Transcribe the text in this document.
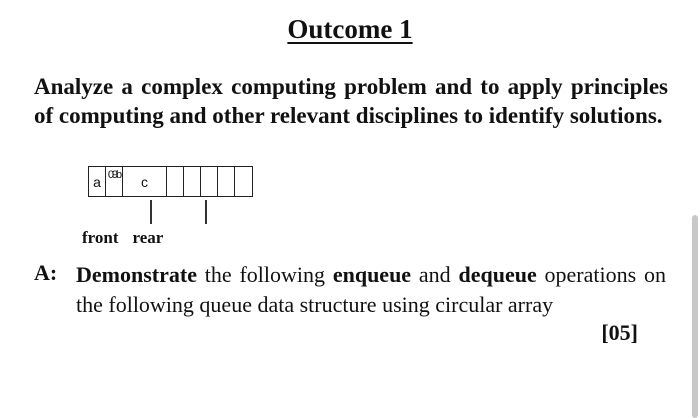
Outcome 1
Analyze a complex computing problem and to apply principles of computing and other relevant disciplines to identify solutions.
a 09b	c
front rear
A: Demonstrate the following enqueue and dequeue operations on the following queue data structure using circular array
[05]
